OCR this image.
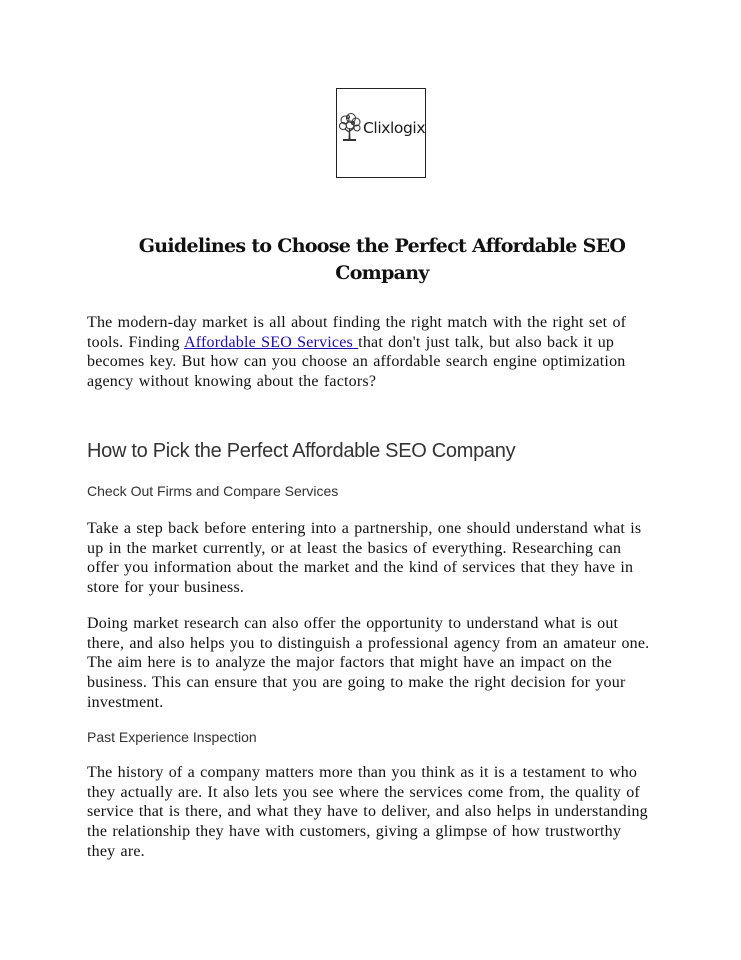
Clixlogix
Guidelines to Choose the Perfect Affordable SEO Company

The modern-day market is all about finding the right match with the right set of tools. Finding Affordable SEO Services that don't just talk, but also back it up becomes key. But how can you choose an affordable search engine optimization agency without knowing about the factors?

How to Pick the Perfect Affordable SEO Company
Check Out Firms and Compare Services

Take a step back before entering into a partnership, one should understand what is up in the market currently, or at least the basics of everything. Researching can offer you information about the market and the kind of services that they have in store for your business.

Doing market research can also offer the opportunity to understand what is out there, and also helps you to distinguish a professional agency from an amateur one. The aim here is to analyze the major factors that might have an impact on the business. This can ensure that you are going to make the right decision for your investment.

Past Experience Inspection

The history of a company matters more than you think as it is a testament to who they actually are. It also lets you see where the services come from, the quality of service that is there, and what they have to deliver, and also helps in understanding the relationship they have with customers, giving a glimpse of how trustworthy they are.
